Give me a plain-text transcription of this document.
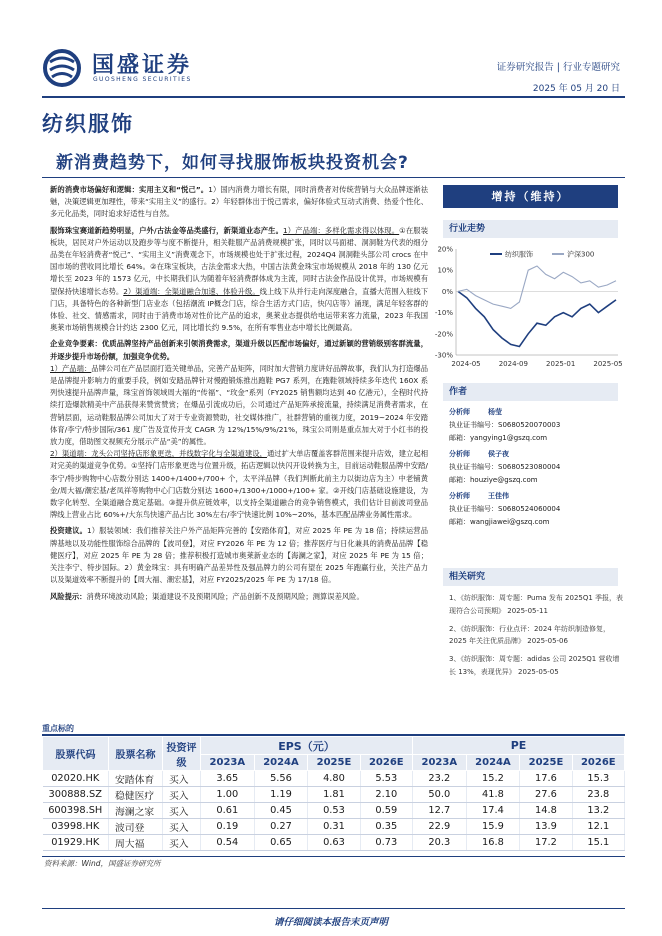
国盛证券
GUOSHENG SECURITIES
证券研究报告 | 行业专题研究
2025 年 05 月 20 日
纺织服饰
新消费趋势下，如何寻找服饰板块投资机会?

新的消费市场偏好和逻辑：实用主义和“悦己”。1）国内消费力增长有限，同时消费者对传统营销与大众品牌逐渐祛魅，决策逻辑更加理性，带来“实用主义”的盛行。2）年轻群体出于悦己需求，偏好体验式互动式消费、热爱个性化、多元化品类，同时追求好适性与自然。

服饰珠宝赛道新趋势明显，户外/古法金等品类盛行，新渠道业态产生。1）产品端：多样化需求得以体现。①在服装板块，居民对户外运动以及跑步等与度不断提升，相关鞋服产品消费规模扩张，同时以马面裙、洞洞鞋为代表的细分品类在年轻消费者“悦己”、“实用主义”消费观念下，市场规模也处于扩张过程，2024Q4 洞洞鞋头部公司 crocs 在中国市场的营收同比增长 64%。②在珠宝板块，古法金需求大热，中国古法黄金珠宝市场规模从 2018 年的 130 亿元增长至 2023 年的 1573 亿元，中长期我们认为随着年轻消费群体成为主流，同时古法金作品设计优异，市场规模有望保持快速增长态势。2）渠道端：全渠道融合加速、体验升级。线上线下从并行走向深度融合，直播大范围入驻线下门店，具备特色的各种新型门店业态（包括潮流 IP概念门店，综合生活方式门店，快闪店等）涌现，满足年轻客群的体验、社交、情感需求，同时由于消费市场对性价比产品的追求，奥莱业态提供给电运带来客力流量，2023 年我国奥莱市场销售规模合计约达 2300 亿元，同比增长约 9.5%，在所有零售业态中增长比例最高。

企业竞争要素：优质品牌坚持产品创新来引领消费需求，渠道升级以匹配市场偏好，通过新颖的营销级别客群流量，并逐步提升市场份额，加强竞争优势。
1）产品端：品牌公司在产品层面打造关键单品，完善产品矩阵，同时加大营销力度讲好品牌故事，我们认为打造爆品是品牌提升影响力的重要手段，例如安踏品牌针对慢跑锻炼推出跑鞋 PG7 系列，在跑鞋领域持续多年迭代 160X 系列快速提升品牌声量，珠宝首饰领域周大福的“传福”、“玫金”系列（FY2025 销售额均达到 40 亿港元），全程时代持续打造爆款精美中产品获得来赞赏赞赏；在爆品引流成功后，公司通过产品矩阵承接流量，持续满足消费者需求，在营销层面，运动鞋服品牌公司加大了对于专业资源赞助，社交媒体推广，社群营销的重视力度，2019~2024 年安踏体育/李宁/特步国际/361 度广告及宣传开支 CAGR 为 12%/15%/9%/21%，珠宝公司则是重点加大对于小红书的投放力度，借助图文视频充分展示产品“美”的属性。
2）渠道端：龙头公司坚持店形象更迭，并线数字化与全渠道建设，通过扩大单店覆盖客群范围来提升店效，建立起相对完美的渠道竞争优势。①坚持门店形象更迭与位置升级，拓店逻辑以快闪开设转换为主，目前运动鞋服品牌中安踏/李宁/特步购物中心店数分别达 1400+/1400+/700+ 个，太平洋品牌（我们判断此前主力以街边店为主）中老铺黄金/周大福/潮宏基/老凤祥等购物中心门店数分别达 1600+/1300+/1000+/100+ 家。②开线门店基础设施建设，为数字化转型、全渠道融合奠定基础。③提升供应链效率，以支持全渠道融合的竞争销售模式，我们估计目前波司登品牌线上营业占比 60%+/大东鸟快速产品占比 30%左右/李宁快速比例 10%~20%，基本匹配品牌业务属性需求。

投资建议。1）服装领域：我们推荐关注户外产品矩阵完善的【安踏体育】，对应 2025 年 PE 为 18 倍；持续运营品牌基地以及功能性服饰综合品牌的【波司登】，对应 FY2026 年 PE 为 12 倍；推荐医疗与日化兼具的消费品品牌【稳健医疗】，对应 2025 年 PE 为 28 倍；推荐积极打造城市奥莱新业态的【海澜之家】，对应 2025 年 PE 为 15 倍；关注李宁、特步国际。2）黄金珠宝：具有明确产品差异性及强品牌力的公司有望在 2025 年跑赢行业，关注产品力以及渠道效率不断提升的【周大福、潮宏基】，对应 FY2025/2025 年 PE 为 17/18 倍。

风险提示：消费环境波动风险；渠道建设不及预期风险；产品创新不及预期风险；测算误差风险。

增持（维持）
行业走势
20%
10%
0%
-10%
-20%
-30%
2024-05	2024-09	2025-01	2025-05
纺织服饰	沪深300
作者
分析师	杨莹
执业证书编号：S0680520070003
邮箱：yangying1@gszq.com
分析师	侯子夜
执业证书编号：S0680523080004
邮箱：houziye@gszq.com
分析师	王佳伟
执业证书编号：S0680524060004
邮箱：wangjiawei@gszq.com
相关研究
1、《纺织服饰：周专题：Puma 发布 2025Q1 季报，表现符合公司预期》 2025-05-11
2、《纺织服饰：行业点评：2024 年纺织制造修复，2025 年关注优质品牌》 2025-05-06
3、《纺织服饰：周专题：adidas 公司 2025Q1 营收增长 13%，表现优异》 2025-05-05
重点标的
股票代码	股票名称	投资评级	EPS（元）				PE			
			2023A	2024A	2025E	2026E	2023A	2024A	2025E	2026E
02020.HK	安踏体育	买入	3.65	5.56	4.80	5.53	23.2	15.2	17.6	15.3
300888.SZ	稳健医疗	买入	1.00	1.19	1.81	2.10	50.0	41.8	27.6	23.8
600398.SH	海澜之家	买入	0.61	0.45	0.53	0.59	12.7	17.4	14.8	13.2
03998.HK	波司登	买入	0.19	0.27	0.31	0.35	22.9	15.9	13.9	12.1
01929.HK	周大福	买入	0.54	0.65	0.63	0.73	20.3	16.8	17.2	15.1
资料来源：Wind，国盛证券研究所
请仔细阅读本报告末页声明
